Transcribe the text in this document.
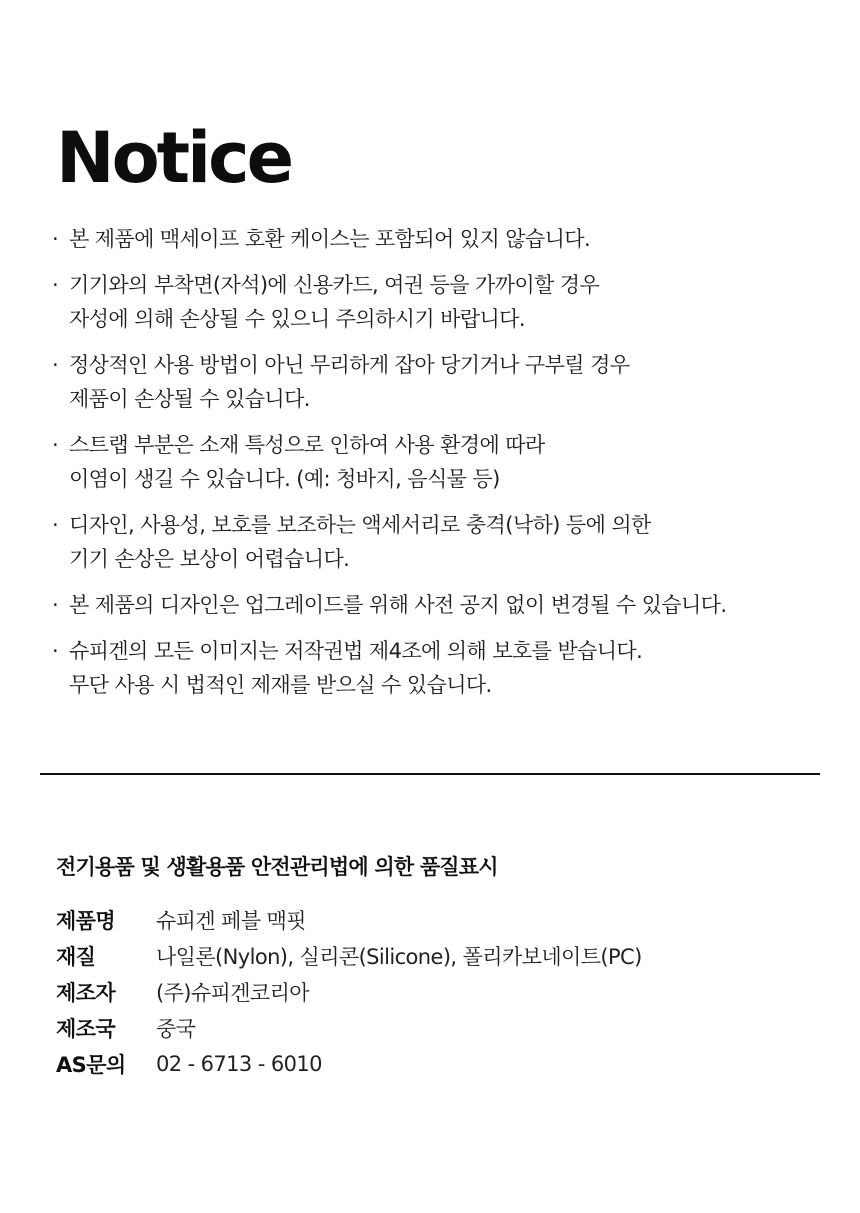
Notice
· 본 제품에 맥세이프 호환 케이스는 포함되어 있지 않습니다.
· 기기와의 부착면(자석)에 신용카드, 여권 등을 가까이할 경우
자성에 의해 손상될 수 있으니 주의하시기 바랍니다.
· 정상적인 사용 방법이 아닌 무리하게 잡아 당기거나 구부릴 경우
제품이 손상될 수 있습니다.
· 스트랩 부분은 소재 특성으로 인하여 사용 환경에 따라
이염이 생길 수 있습니다. (예: 청바지, 음식물 등)
· 디자인, 사용성, 보호를 보조하는 액세서리로 충격(낙하) 등에 의한
기기 손상은 보상이 어렵습니다.
· 본 제품의 디자인은 업그레이드를 위해 사전 공지 없이 변경될 수 있습니다.
· 슈피겐의 모든 이미지는 저작권법 제4조에 의해 보호를 받습니다.
무단 사용 시 법적인 제재를 받으실 수 있습니다.
전기용품 및 생활용품 안전관리법에 의한 품질표시
제품명	슈피겐 페블 맥핏
재질	나일론(Nylon), 실리콘(Silicone), 폴리카보네이트(PC)
제조자	(주)슈피겐코리아
제조국	중국
AS문의	02 - 6713 - 6010
